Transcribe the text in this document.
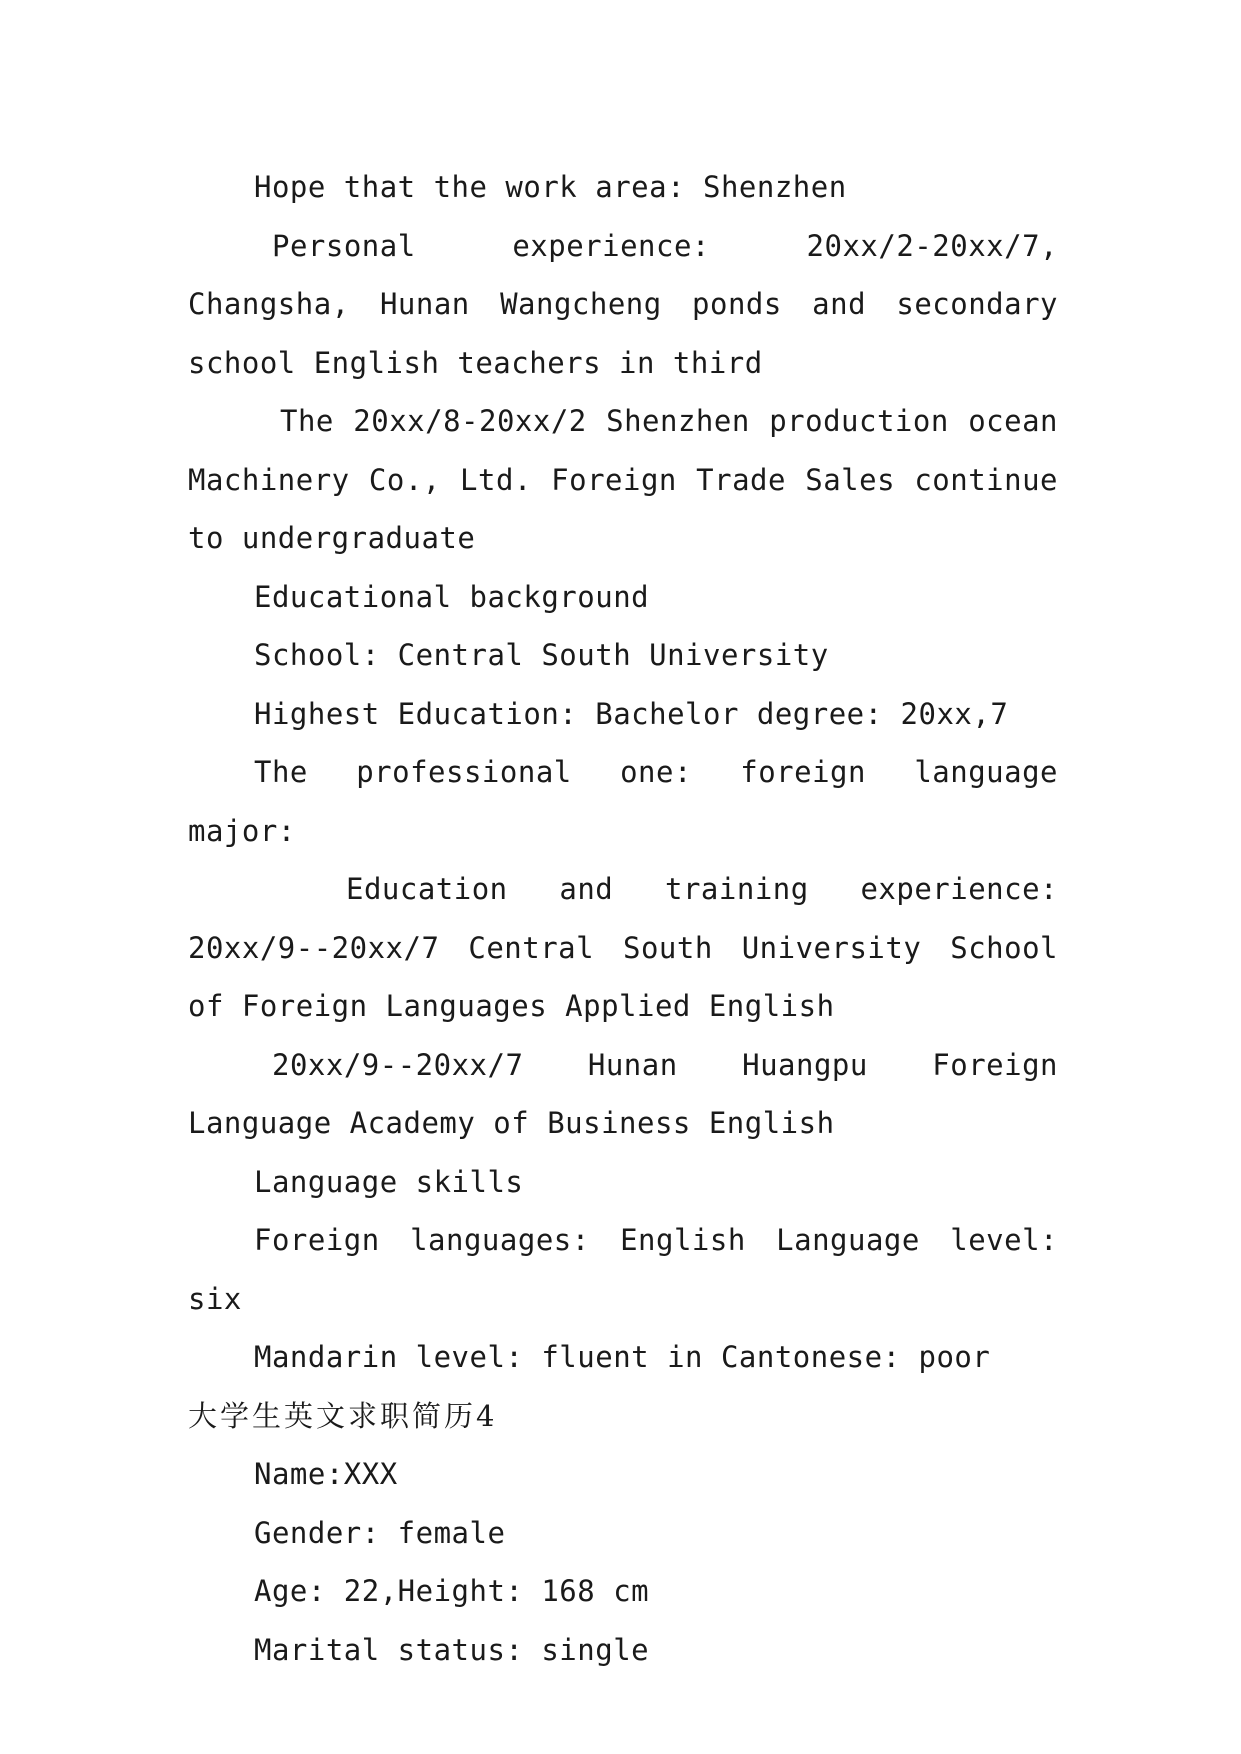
Hope that the work area: Shenzhen

Personal experience: 20xx/2-20xx/7, Changsha, Hunan Wangcheng ponds and secondary school English teachers in third

The 20xx/8-20xx/2 Shenzhen production ocean Machinery Co., Ltd. Foreign Trade Sales continue to undergraduate

Educational background

School: Central South University

Highest Education: Bachelor degree: 20xx,7

The professional one: foreign language major:

Education and training experience: 20xx/9--20xx/7 Central South University School of Foreign Languages Applied English

20xx/9--20xx/7 Hunan Huangpu Foreign Language Academy of Business English

Language skills

Foreign languages: English Language level: six

Mandarin level: fluent in Cantonese: poor

大学生英文求职简历4

Name:XXX

Gender: female

Age: 22,Height: 168 cm

Marital status: single
